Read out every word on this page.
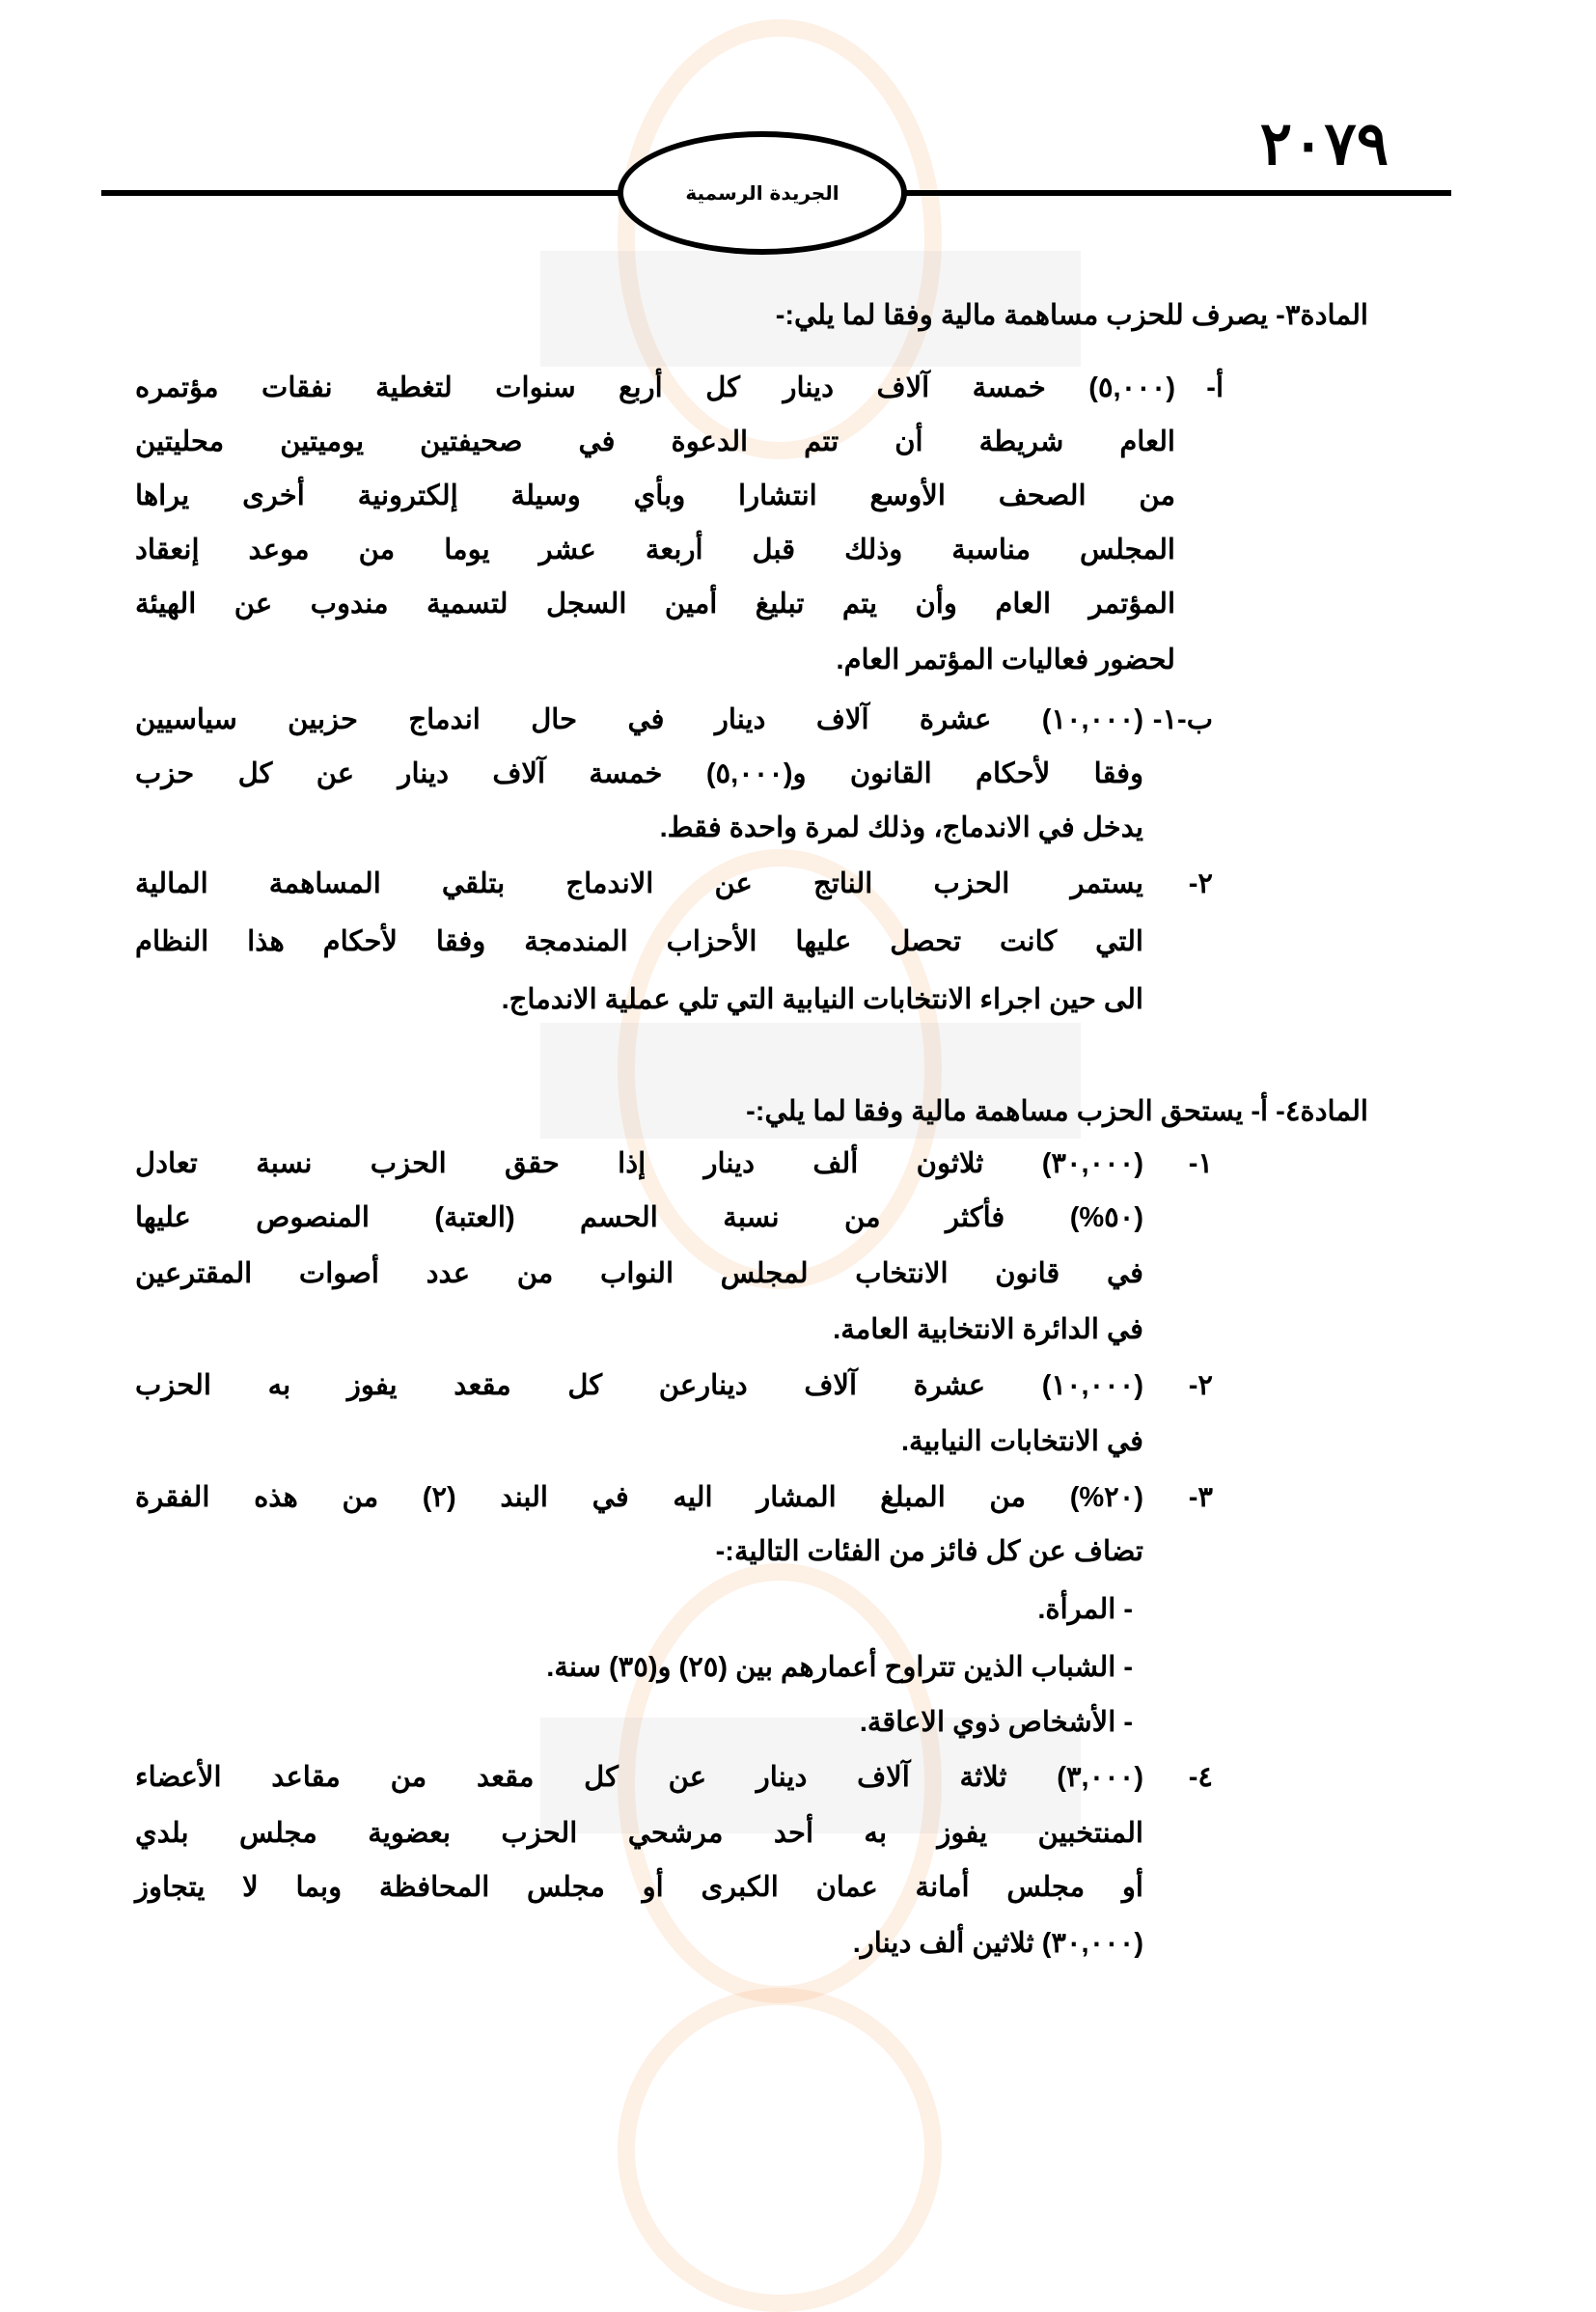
٢٠٧٩
الجريدة الرسمية
المادة٣- يصرف للحزب مساهمة مالية وفقا لما يلي:-
أ-
(٥,٠٠٠) خمسة آلاف دينار كل أربع سنوات لتغطية نفقات مؤتمره
العام شريطة أن تتم الدعوة في صحيفتين يوميتين محليتين
من الصحف الأوسع انتشارا وبأي وسيلة إلكترونية أخرى يراها
المجلس مناسبة وذلك قبل أربعة عشر يوما من موعد إنعقاد
المؤتمر العام وأن يتم تبليغ أمين السجل لتسمية مندوب عن الهيئة
لحضور فعاليات المؤتمر العام.
ب-١-
(١٠,٠٠٠) عشرة آلاف دينار في حال اندماج حزبين سياسيين
وفقا لأحكام القانون و(٥,٠٠٠) خمسة آلاف دينار عن كل حزب
يدخل في الاندماج، وذلك لمرة واحدة فقط.
٢-
يستمر الحزب الناتج عن الاندماج بتلقي المساهمة المالية
التي كانت تحصل عليها الأحزاب المندمجة وفقا لأحكام هذا النظام
الى حين اجراء الانتخابات النيابية التي تلي عملية الاندماج.
المادة٤- أ- يستحق الحزب مساهمة مالية وفقا لما يلي:-
١-
(٣٠,٠٠٠) ثلاثون ألف دينار إذا حقق الحزب نسبة تعادل
(٥٠%) فأكثر من نسبة الحسم (العتبة) المنصوص عليها
في قانون الانتخاب لمجلس النواب من عدد أصوات المقترعين
في الدائرة الانتخابية العامة.
٢-
(١٠,٠٠٠) عشرة آلاف دينارعن كل مقعد يفوز به الحزب
في الانتخابات النيابية.
٣-
(٢٠%) من المبلغ المشار اليه في البند (٢) من هذه الفقرة
تضاف عن كل فائز من الفئات التالية:-
- المرأة.
- الشباب الذين تتراوح أعمارهم بين (٢٥) و(٣٥) سنة.
- الأشخاص ذوي الاعاقة.
٤-
(٣,٠٠٠) ثلاثة آلاف دينار عن كل مقعد من مقاعد الأعضاء
المنتخبين يفوز به أحد مرشحي الحزب بعضوية مجلس بلدي
أو مجلس أمانة عمان الكبرى أو مجلس المحافظة وبما لا يتجاوز
(٣٠,٠٠٠) ثلاثين ألف دينار.
